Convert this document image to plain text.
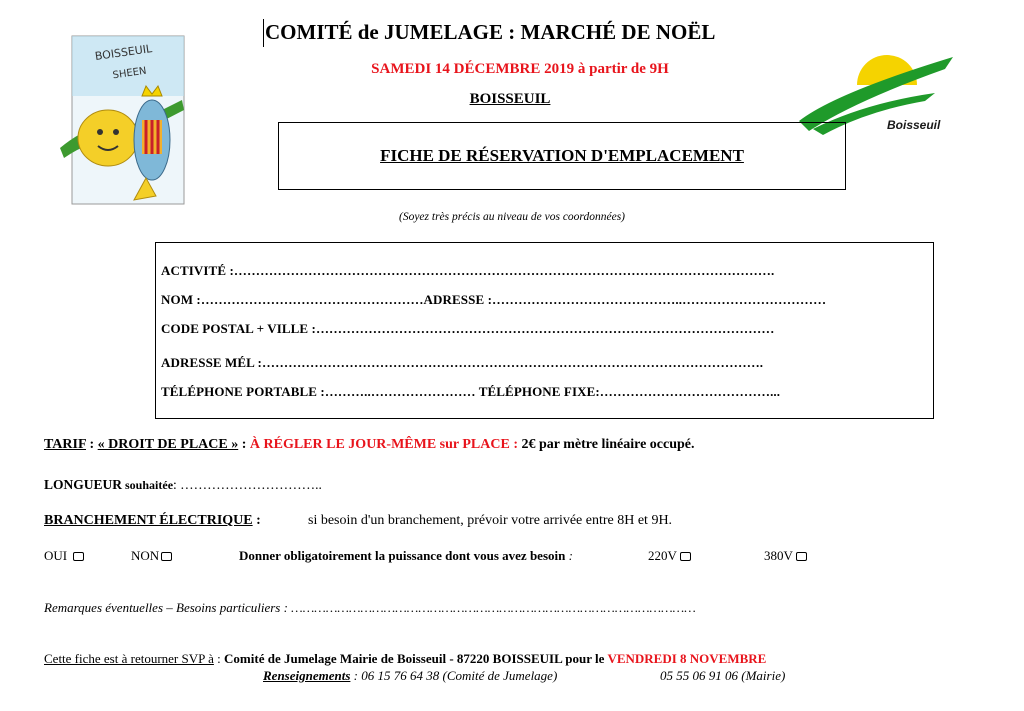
BOISSEUIL
SHEEN
Boisseuil
COMITÉ de JUMELAGE : MARCHÉ DE NOËL
SAMEDI 14 DÉCEMBRE 2019 à partir de 9H
BOISSEUIL
FICHE DE RÉSERVATION D'EMPLACEMENT
(Soyez très précis au niveau de vos coordonnées)
ACTIVITÉ :…………………………………………………………………………………………………………….
NOM :……………………………………………ADRESSE :……………………………………..……………………………
CODE POSTAL + VILLE :……………………………………………………………………………………………
ADRESSE MÉL :…………………………………………………………………………………………………….
TÉLÉPHONE PORTABLE :………..…………………… TÉLÉPHONE FIXE:…………………………………...
TARIF : « DROIT DE PLACE » : À RÉGLER LE JOUR-MÊME sur PLACE : 2€ par mètre linéaire occupé.
LONGUEUR souhaitée: …………………………..
BRANCHEMENT ÉLECTRIQUE :	si besoin d'un branchement, prévoir votre arrivée entre 8H et 9H.
OUI	NON	Donner obligatoirement la puissance dont vous avez besoin :	220V	380V
Remarques éventuelles – Besoins particuliers : ……………………………………………………………………………………………
Cette fiche est à retourner SVP à : Comité de Jumelage Mairie de Boisseuil - 87220 BOISSEUIL pour le VENDREDI 8 NOVEMBRE
Renseignements : 06 15 76 64 38 (Comité de Jumelage)	05 55 06 91 06 (Mairie)
